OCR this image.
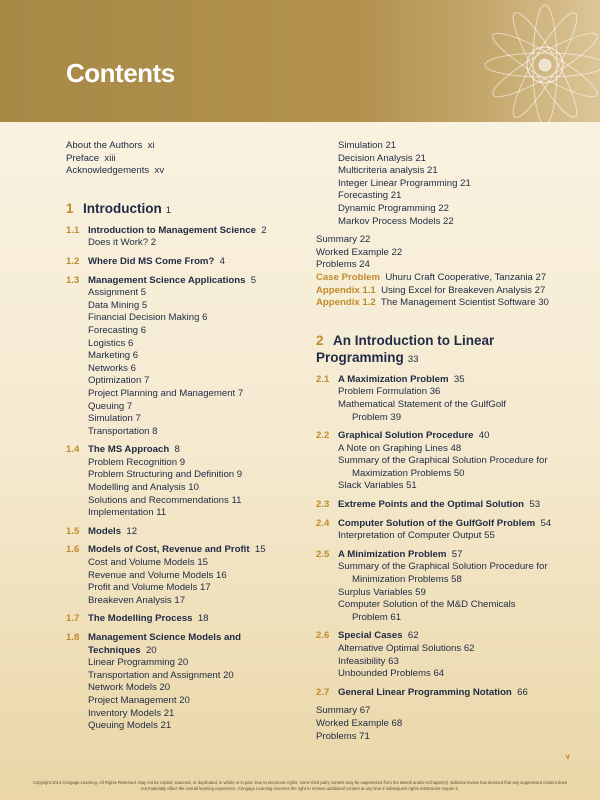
Contents
About the Authors xi
Preface xiii
Acknowledgements xv
1 Introduction 1
1.1 Introduction to Management Science 2
Does it Work? 2
1.2 Where Did MS Come From? 4
1.3 Management Science Applications 5
Assignment 5
Data Mining 5
Financial Decision Making 6
Forecasting 6
Logistics 6
Marketing 6
Networks 6
Optimization 7
Project Planning and Management 7
Queuing 7
Simulation 7
Transportation 8
1.4 The MS Approach 8
Problem Recognition 9
Problem Structuring and Definition 9
Modelling and Analysis 10
Solutions and Recommendations 11
Implementation 11
1.5 Models 12
1.6 Models of Cost, Revenue and Profit 15
Cost and Volume Models 15
Revenue and Volume Models 16
Profit and Volume Models 17
Breakeven Analysis 17
1.7 The Modelling Process 18
1.8 Management Science Models and
Techniques 20
Linear Programming 20
Transportation and Assignment 20
Network Models 20
Project Management 20
Inventory Models 21
Queuing Models 21
Simulation 21
Decision Analysis 21
Multicriteria analysis 21
Integer Linear Programming 21
Forecasting 21
Dynamic Programming 22
Markov Process Models 22
Summary 22
Worked Example 22
Problems 24
Case Problem Uhuru Craft Cooperative, Tanzania 27
Appendix 1.1 Using Excel for Breakeven Analysis 27
Appendix 1.2 The Management Scientist Software 30
2 An Introduction to Linear
Programming 33
2.1 A Maximization Problem 35
Problem Formulation 36
Mathematical Statement of the GulfGolf
Problem 39
2.2 Graphical Solution Procedure 40
A Note on Graphing Lines 48
Summary of the Graphical Solution Procedure for
Maximization Problems 50
Slack Variables 51
2.3 Extreme Points and the Optimal Solution 53
2.4 Computer Solution of the GulfGolf Problem 54
Interpretation of Computer Output 55
2.5 A Minimization Problem 57
Summary of the Graphical Solution Procedure for
Minimization Problems 58
Surplus Variables 59
Computer Solution of the M&D Chemicals
Problem 61
2.6 Special Cases 62
Alternative Optimal Solutions 62
Infeasibility 63
Unbounded Problems 64
2.7 General Linear Programming Notation 66
Summary 67
Worked Example 68
Problems 71
v
Copyright 2014 Cengage Learning. All Rights Reserved. May not be copied, scanned, or duplicated, in whole or in part. Due to electronic rights, some third party content may be suppressed from the eBook and/or eChapter(s). Editorial review has deemed that any suppressed content does not materially affect the overall learning experience. Cengage Learning reserves the right to remove additional content at any time if subsequent rights restrictions require it.
